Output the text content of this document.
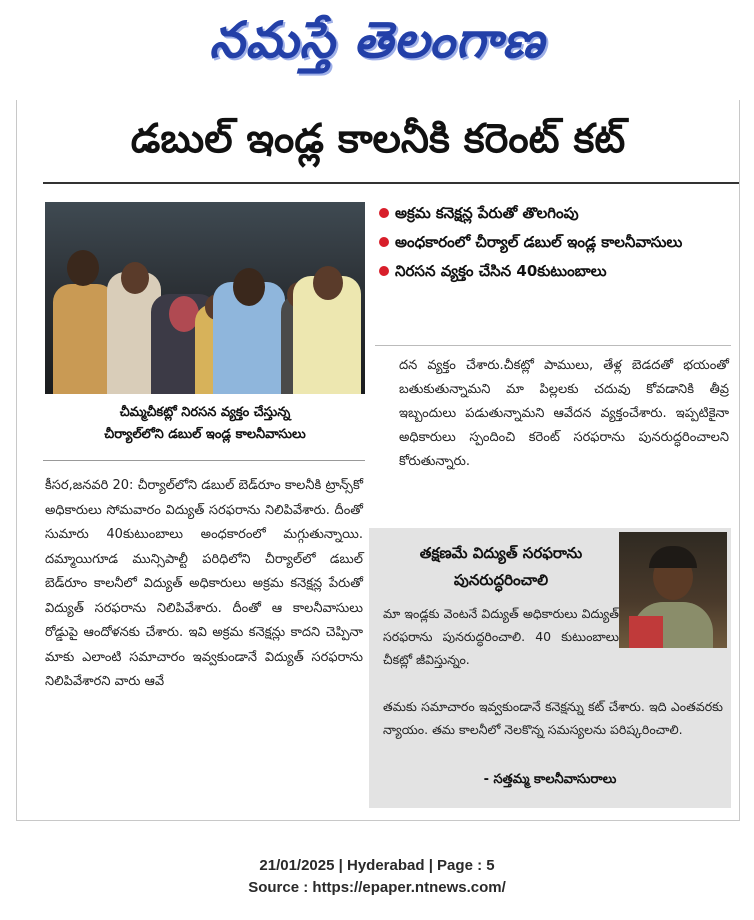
నమస్తే తెలంగాణ
డబుల్ ఇండ్ల కాలనీకి కరెంట్ కట్
చీమ్మచీకట్లో నిరసన వ్యక్తం చేస్తున్న
చీర్యాల్‌లోని డబుల్ ఇండ్ల కాలనీవాసులు
అక్రమ కనెక్షన్ల పేరుతో తొలగింపు
అంధకారంలో చీర్యాల్ డబుల్ ఇండ్ల కాలనీవాసులు
నిరసన వ్యక్తం చేసిన 40కుటుంబాలు
దన వ్యక్తం చేశారు.చీకట్లో పాములు, తేళ్ల బెడదతో భయంతో బతుకుతున్నామని మా పిల్లలకు చదువు కోవడానికి తీవ్ర ఇబ్బందులు పడుతున్నామని ఆవేదన వ్యక్తంచేశారు. ఇప్పటికైనా అధికారులు స్పందించి కరెంట్ సరఫరాను పునరుద్ధరించాలని కోరుతున్నారు.
కీసర,జనవరి 20: చీర్యాల్‌లోని డబుల్ బెడ్‌రూం కాలనీకి ట్రాన్స్‌కో అధికారులు సోమవారం విద్యుత్ సరఫరాను నిలిపివేశారు. దీంతో సుమారు 40కుటుంబాలు అంధకారంలో మగ్గుతున్నాయి. దమ్మాయిగూడ మున్సిపాల్టీ పరిధిలోని చీర్యాల్‌లో డబుల్ బెడ్‌రూం కాలనీలో విద్యుత్ అధికారులు అక్రమ కనెక్షన్ల పేరుతో విద్యుత్ సరఫరాను నిలిపివేశారు. దీంతో ఆ కాలనీవాసులు రోడ్డుపై ఆందోళనకు చేశారు. ఇవి అక్రమ కనెక్షన్లు కాదని చెప్పినా మాకు ఎలాంటి సమాచారం ఇవ్వకుండానే విద్యుత్ సరఫరాను నిలిపివేశారని వారు ఆవే
తక్షణమే విద్యుత్ సరఫరాను పునరుద్ధరించాలి
మా ఇండ్లకు వెంటనే విద్యుత్ అధికారులు విద్యుత్ సరఫరాను పునరుద్ధరించాలి. 40 కుటుంబాలు చీకట్లో జీవిస్తున్నం.
తమకు సమాచారం ఇవ్వకుండానే కనెక్షన్ను కట్ చేశారు. ఇది ఎంతవరకు న్యాయం. తమ కాలనీలో నెలకొన్న సమస్యలను పరిష్కరించాలి.
- సత్తమ్మ కాలనీవాసురాలు
21/01/2025 | Hyderabad | Page : 5
Source : https://epaper.ntnews.com/
